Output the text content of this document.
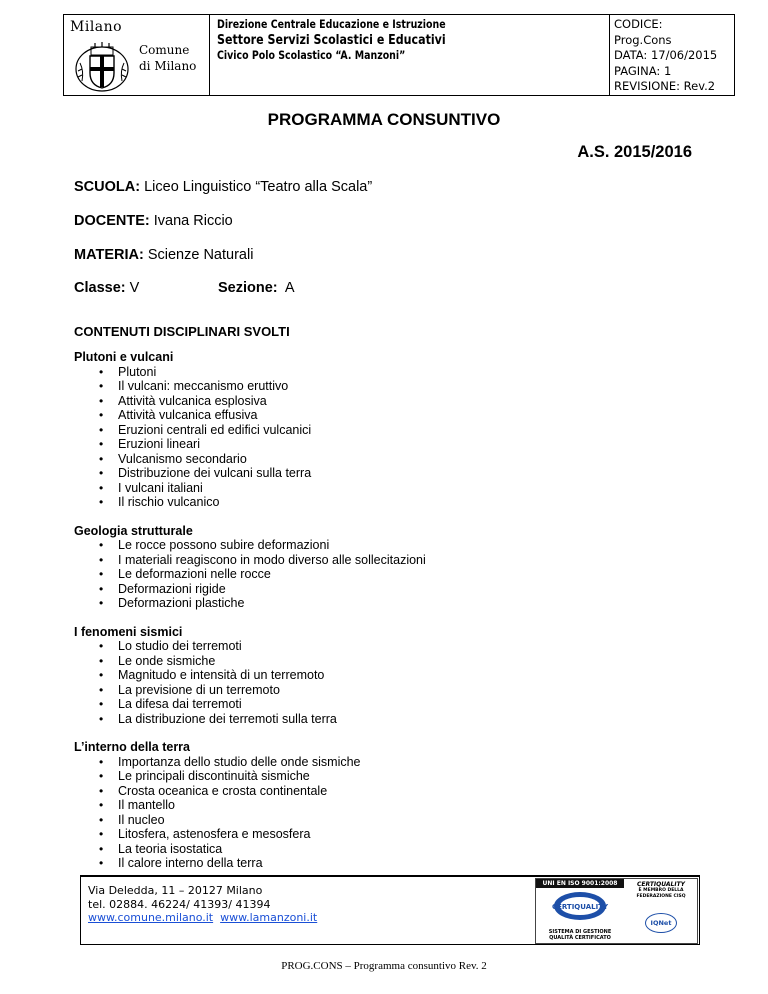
Milano
Comune
di Milano
Direzione Centrale Educazione e Istruzione
Settore Servizi Scolastici e Educativi
Civico Polo Scolastico “A. Manzoni”
CODICE:
Prog.Cons
DATA: 17/06/2015
PAGINA: 1
REVISIONE: Rev.2
PROGRAMMA CONSUNTIVO
A.S. 2015/2016
SCUOLA: Liceo Linguistico “Teatro alla Scala”
DOCENTE: Ivana Riccio
MATERIA: Scienze Naturali
Classe: V	Sezione: A
CONTENUTI DISCIPLINARI SVOLTI
Plutoni e vulcani
• Plutoni
• Il vulcani: meccanismo eruttivo
• Attività vulcanica esplosiva
• Attività vulcanica effusiva
• Eruzioni centrali ed edifici vulcanici
• Eruzioni lineari
• Vulcanismo secondario
• Distribuzione dei vulcani sulla terra
• I vulcani italiani
• Il rischio vulcanico
Geologia strutturale
• Le rocce possono subire deformazioni
• I materiali reagiscono in modo diverso alle sollecitazioni
• Le deformazioni nelle rocce
• Deformazioni rigide
• Deformazioni plastiche
I fenomeni sismici
• Lo studio dei terremoti
• Le onde sismiche
• Magnitudo e intensità di un terremoto
• La previsione di un terremoto
• La difesa dai terremoti
• La distribuzione dei terremoti sulla terra
L’interno della terra
• Importanza dello studio delle onde sismiche
• Le principali discontinuità sismiche
• Crosta oceanica e crosta continentale
• Il mantello
• Il nucleo
• Litosfera, astenosfera e mesosfera
• La teoria isostatica
• Il calore interno della terra
Via Deledda, 11 – 20127 Milano
tel. 02884. 46224/ 41393/ 41394
www.comune.milano.it www.lamanzoni.it
UNI EN ISO 9001:2008
CERTIQUALITY
SISTEMA DI GESTIONE
QUALITÀ CERTIFICATO
CERTIQUALITY
È MEMBRO DELLA
FEDERAZIONE CISQ
IQNet
PROG.CONS – Programma consuntivo Rev. 2
